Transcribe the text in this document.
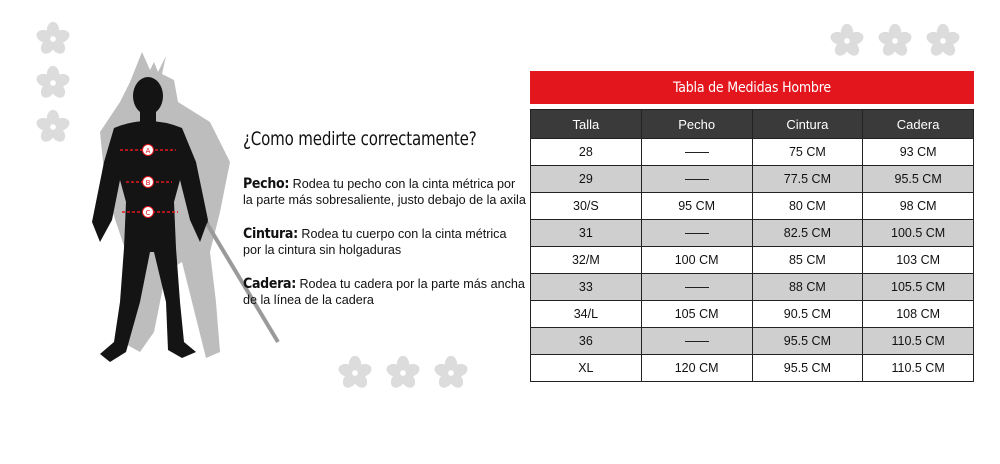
A
B
C
¿Como medirte correctamente?

Pecho: Rodea tu pecho con la cinta métrica por la parte más sobresaliente, justo debajo de la axila

Cintura: Rodea tu cuerpo con la cinta métrica por la cintura sin holgaduras

Cadera: Rodea tu cadera por la parte más ancha de la línea de la cadera

Tabla de Medidas Hombre
Talla	Pecho	Cintura	Cadera
28		75 CM	93 CM
29		77.5 CM	95.5 CM
30/S	95 CM	80 CM	98 CM
31		82.5 CM	100.5 CM
32/M	100 CM	85 CM	103 CM
33		88 CM	105.5 CM
34/L	105 CM	90.5 CM	108 CM
36		95.5 CM	110.5 CM
XL	120 CM	95.5 CM	110.5 CM
